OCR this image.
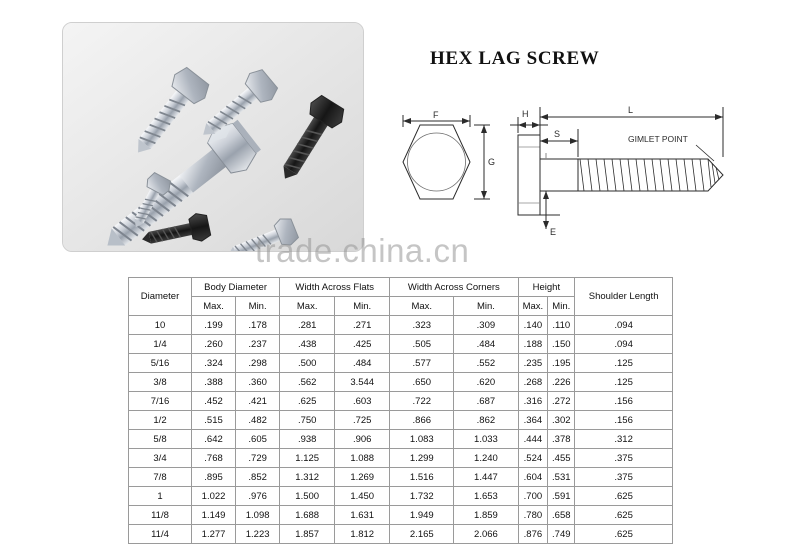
HEX LAG SCREW
F
G
H
S
L
E
GIMLET POINT
trade.china.cn
Diameter	Body Diameter		Width Across Flats		Width Across Corners		Height		Shoulder Length
	Max.	Min.	Max.	Min.	Max.	Min.	Max.	Min.	
10	.199	.178	.281	.271	.323	.309	.140	.110	.094
1/4	.260	.237	.438	.425	.505	.484	.188	.150	.094
5/16	.324	.298	.500	.484	.577	.552	.235	.195	.125
3/8	.388	.360	.562	3.544	.650	.620	.268	.226	.125
7/16	.452	.421	.625	.603	.722	.687	.316	.272	.156
1/2	.515	.482	.750	.725	.866	.862	.364	.302	.156
5/8	.642	.605	.938	.906	1.083	1.033	.444	.378	.312
3/4	.768	.729	1.125	1.088	1.299	1.240	.524	.455	.375
7/8	.895	.852	1.312	1.269	1.516	1.447	.604	.531	.375
1	1.022	.976	1.500	1.450	1.732	1.653	.700	.591	.625
11/8	1.149	1.098	1.688	1.631	1.949	1.859	.780	.658	.625
11/4	1.277	1.223	1.857	1.812	2.165	2.066	.876	.749	.625
